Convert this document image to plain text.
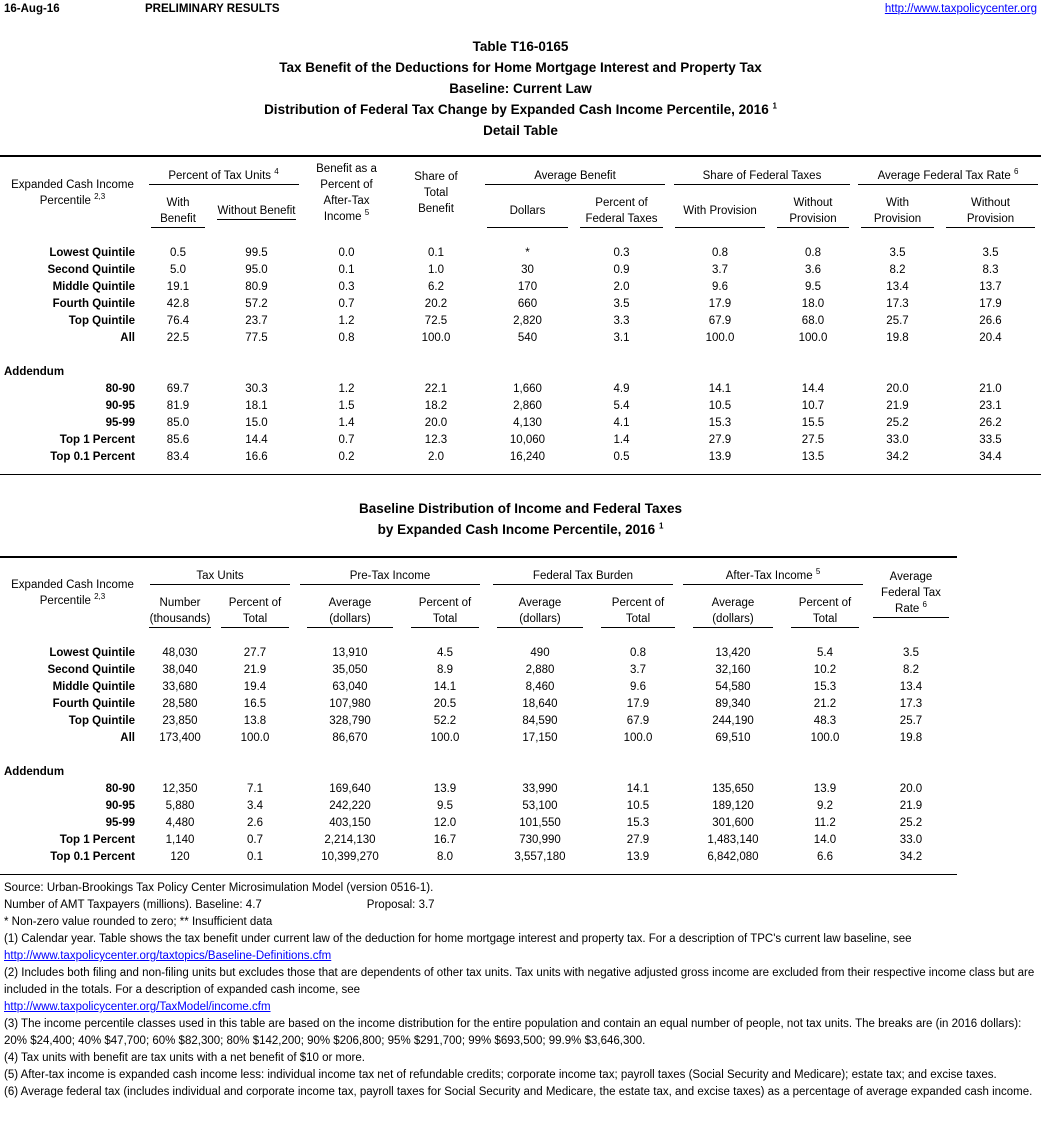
16-Aug-16	PRELIMINARY RESULTS	http://www.taxpolicycenter.org
Table T16-0165
Tax Benefit of the Deductions for Home Mortgage Interest and Property Tax
Baseline: Current Law
Distribution of Federal Tax Change by Expanded Cash Income Percentile, 2016 $^1$
Detail Table
Expanded Cash Income Percentile $^{2,3}$	Percent of Tax Units $^4$		Benefit as a Percent of After-Tax Income $^5$	Share of Total Benefit	Average Benefit		Share of Federal Taxes		Average Federal Tax Rate $^6$

	With Benefit	Without Benefit			Dollars	Percent of Federal Taxes	With Provision	Without Provision	With Provision	Without Provision

Lowest Quintile	0.5	99.5	0.0	0.1	*	0.3	0.8	0.8	3.5	3.5
Second Quintile	5.0	95.0	0.1	1.0	30	0.9	3.7	3.6	8.2	8.3
Middle Quintile	19.1	80.9	0.3	6.2	170	2.0	9.6	9.5	13.4	13.7
Fourth Quintile	42.8	57.2	0.7	20.2	660	3.5	17.9	18.0	17.3	17.9
Top Quintile	76.4	23.7	1.2	72.5	2,820	3.3	67.9	68.0	25.7	26.6
All	22.5	77.5	0.8	100.0	540	3.1	100.0	100.0	19.8	20.4

Addendum										
80-90	69.7	30.3	1.2	22.1	1,660	4.9	14.1	14.4	20.0	21.0
90-95	81.9	18.1	1.5	18.2	2,860	5.4	10.5	10.7	21.9	23.1
95-99	85.0	15.0	1.4	20.0	4,130	4.1	15.3	15.5	25.2	26.2
Top 1 Percent	85.6	14.4	0.7	12.3	10,060	1.4	27.9	27.5	33.0	33.5
Top 0.1 Percent	83.4	16.6	0.2	2.0	16,240	0.5	13.9	13.5	34.2	34.4

Baseline Distribution of Income and Federal Taxes
by Expanded Cash Income Percentile, 2016 $^1$
Expanded Cash Income Percentile $^{2,3}$	Tax Units		Pre-Tax Income		Federal Tax Burden		After-Tax Income $^5$		Average Federal Tax Rate $^6$

	Number (thousands)	Percent of Total	Average (dollars)	Percent of Total	Average (dollars)	Percent of Total	Average (dollars)	Percent of Total	

Lowest Quintile	48,030	27.7	13,910	4.5	490	0.8	13,420	5.4	3.5
Second Quintile	38,040	21.9	35,050	8.9	2,880	3.7	32,160	10.2	8.2
Middle Quintile	33,680	19.4	63,040	14.1	8,460	9.6	54,580	15.3	13.4
Fourth Quintile	28,580	16.5	107,980	20.5	18,640	17.9	89,340	21.2	17.3
Top Quintile	23,850	13.8	328,790	52.2	84,590	67.9	244,190	48.3	25.7
All	173,400	100.0	86,670	100.0	17,150	100.0	69,510	100.0	19.8

Addendum									
80-90	12,350	7.1	169,640	13.9	33,990	14.1	135,650	13.9	20.0
90-95	5,880	3.4	242,220	9.5	53,100	10.5	189,120	9.2	21.9
95-99	4,480	2.6	403,150	12.0	101,550	15.3	301,600	11.2	25.2
Top 1 Percent	1,140	0.7	2,214,130	16.7	730,990	27.9	1,483,140	14.0	33.0
Top 0.1 Percent	120	0.1	10,399,270	8.0	3,557,180	13.9	6,842,080	6.6	34.2

Source: Urban-Brookings Tax Policy Center Microsimulation Model (version 0516-1).

Number of AMT Taxpayers (millions). Baseline: 4.7	Proposal: 3.7

* Non-zero value rounded to zero; ** Insufficient data

(1) Calendar year. Table shows the tax benefit under current law of the deduction for home mortgage interest and property tax. For a description of TPC's current law baseline, see

http://www.taxpolicycenter.org/taxtopics/Baseline-Definitions.cfm

(2) Includes both filing and non-filing units but excludes those that are dependents of other tax units. Tax units with negative adjusted gross income are excluded from their respective income class but are included in the totals. For a description of expanded cash income, see

http://www.taxpolicycenter.org/TaxModel/income.cfm

(3) The income percentile classes used in this table are based on the income distribution for the entire population and contain an equal number of people, not tax units. The breaks are (in 2016 dollars): 20% $24,400; 40% $47,700; 60% $82,300; 80% $142,200; 90% $206,800; 95% $291,700; 99% $693,500; 99.9% $3,646,300.

(4) Tax units with benefit are tax units with a net benefit of $10 or more.

(5) After-tax income is expanded cash income less: individual income tax net of refundable credits; corporate income tax; payroll taxes (Social Security and Medicare); estate tax; and excise taxes.

(6) Average federal tax (includes individual and corporate income tax, payroll taxes for Social Security and Medicare, the estate tax, and excise taxes) as a percentage of average expanded cash income.
